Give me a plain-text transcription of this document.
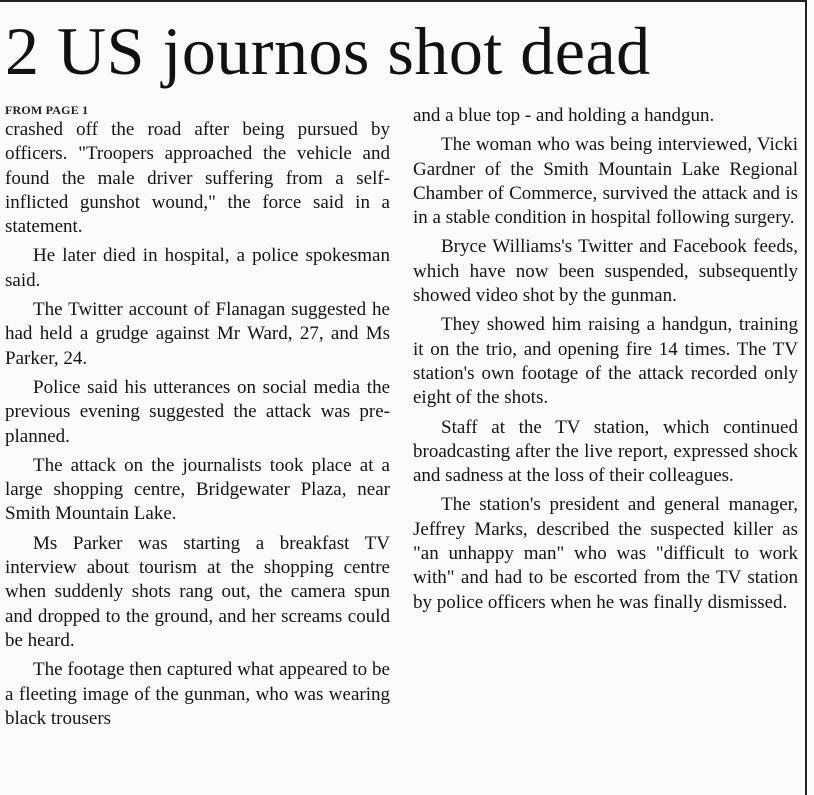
2 US journos shot dead

FROM PAGE 1

crashed off the road after being pursued by officers. "Troopers approached the vehicle and found the male driver suffering from a self-inflicted gunshot wound," the force said in a statement.

He later died in hospital, a police spokesman said.

The Twitter account of Flanagan suggested he had held a grudge against Mr Ward, 27, and Ms Parker, 24.

Police said his utterances on social media the previous evening suggested the attack was pre-planned.

The attack on the journalists took place at a large shopping centre, Bridgewater Plaza, near Smith Mountain Lake.

Ms Parker was starting a breakfast TV interview about tourism at the shopping centre when suddenly shots rang out, the camera spun and dropped to the ground, and her screams could be heard.

The footage then captured what appeared to be a fleeting image of the gunman, who was wearing black trousers

and a blue top - and holding a handgun.

The woman who was being interviewed, Vicki Gardner of the Smith Mountain Lake Regional Chamber of Commerce, survived the attack and is in a stable condition in hospital following surgery.

Bryce Williams's Twitter and Facebook feeds, which have now been suspended, subsequently showed video shot by the gunman.

They showed him raising a handgun, training it on the trio, and opening fire 14 times. The TV station's own footage of the attack recorded only eight of the shots.

Staff at the TV station, which continued broadcasting after the live report, expressed shock and sadness at the loss of their colleagues.

The station's president and general manager, Jeffrey Marks, described the suspected killer as "an unhappy man" who was "difficult to work with" and had to be escorted from the TV station by police officers when he was finally dismissed.
